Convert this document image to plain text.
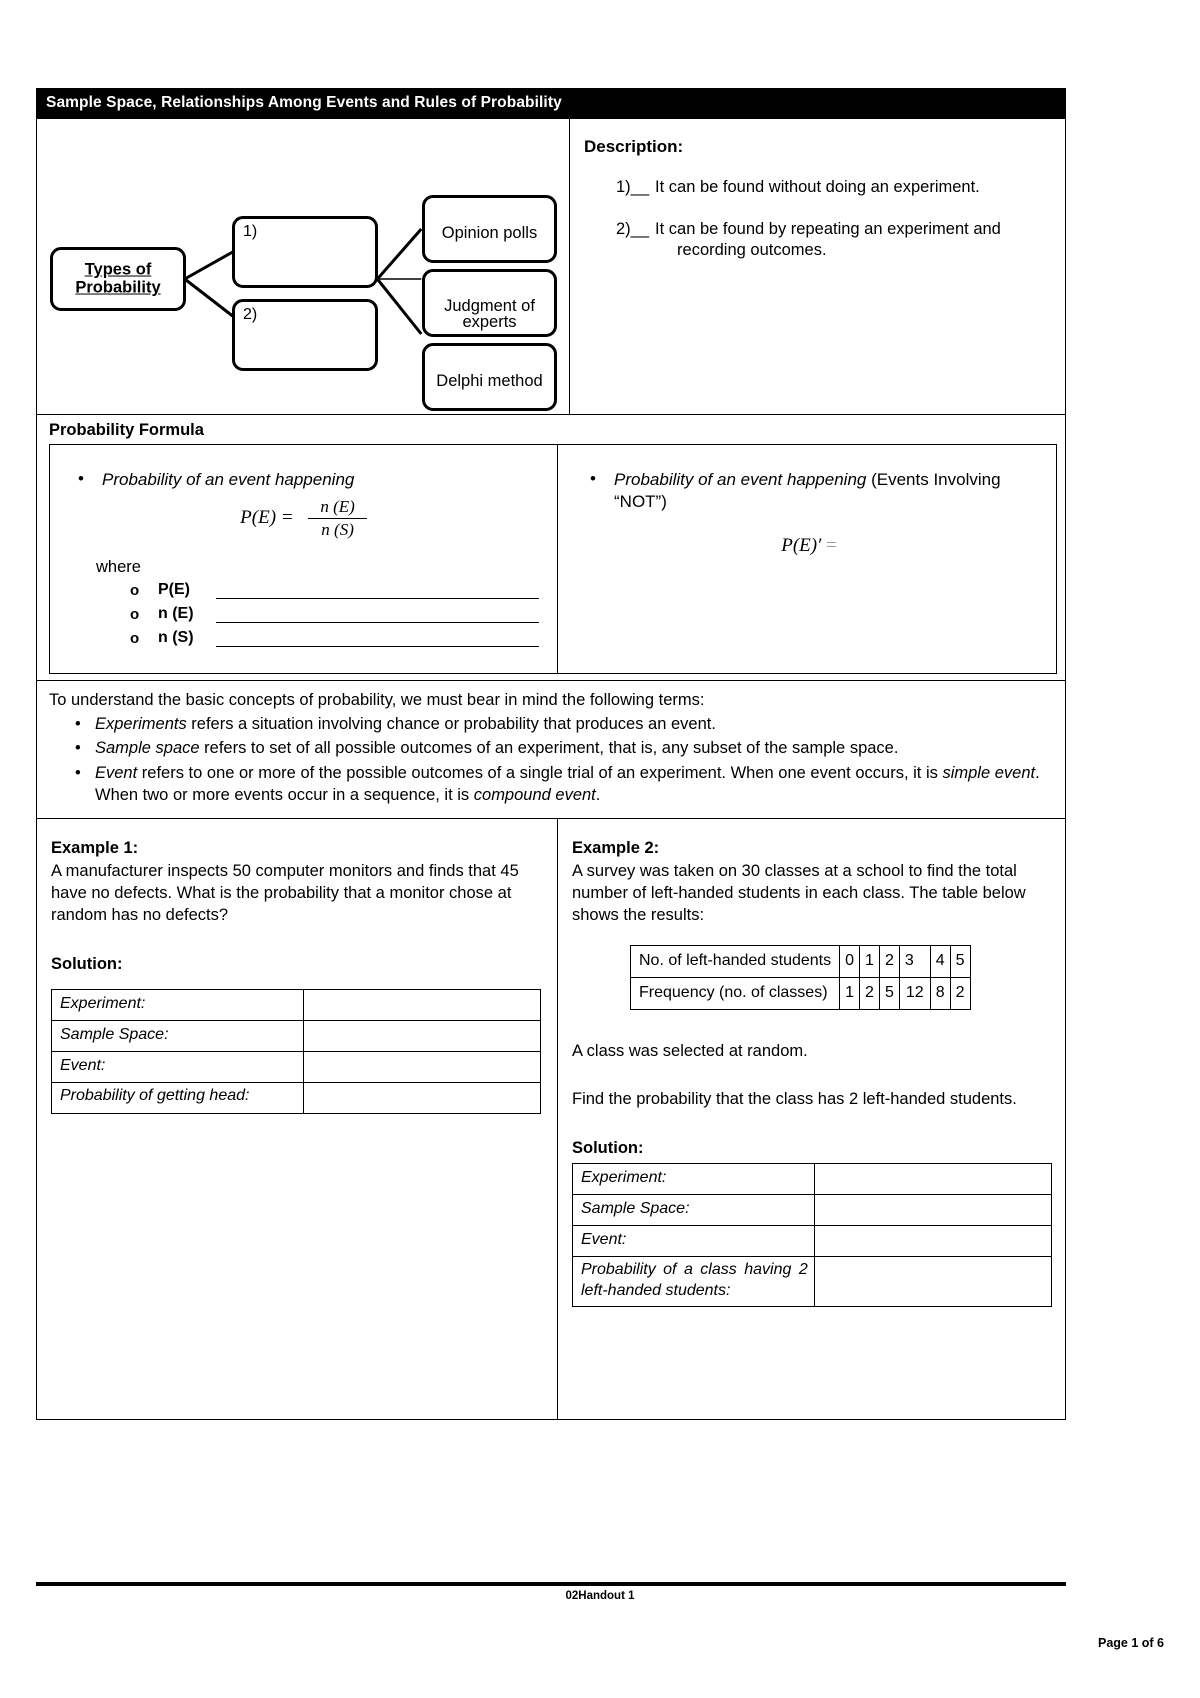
Sample Space, Relationships Among Events and Rules of Probability
Types of
Probability
1)
2)
Opinion polls
Judgment of
experts
Delphi method
Description:
1)__ It can be found without doing an experiment.
2)__ It can be found by repeating an experiment and
recording outcomes.
Probability Formula
•	Probability of an event happening
$P(E) = \frac{n (E)}{n (S)}$
where
o	P(E)
o	n (E)
o	n (S)
•	Probability of an event happening (Events Involving “NOT”)
P(E)′ =

To understand the basic concepts of probability, we must bear in mind the following terms:

• Experiments refers a situation involving chance or probability that produces an event.
• Sample space refers to set of all possible outcomes of an experiment, that is, any subset of the sample space.
• Event refers to one or more of the possible outcomes of a single trial of an experiment. When one event occurs, it is simple event. When two or more events occur in a sequence, it is compound event.
Example 1:

A manufacturer inspects 50 computer monitors and finds that 45 have no defects. What is the probability that a monitor chose at random has no defects?

Solution:
Experiment:	
Sample Space:	
Event:	
Probability of getting head:	
Example 2:

A survey was taken on 30 classes at a school to find the total number of left-handed students in each class. The table below shows the results:

No. of left-handed students	0	1	2	3	4	5
Frequency (no. of classes)	1	2	5	12	8	2

A class was selected at random.

Find the probability that the class has 2 left-handed students.

Solution:
Experiment:	
Sample Space:	
Event:	
Probability of a class having 2 left-handed students:	
02Handout 1
Page 1 of 6
